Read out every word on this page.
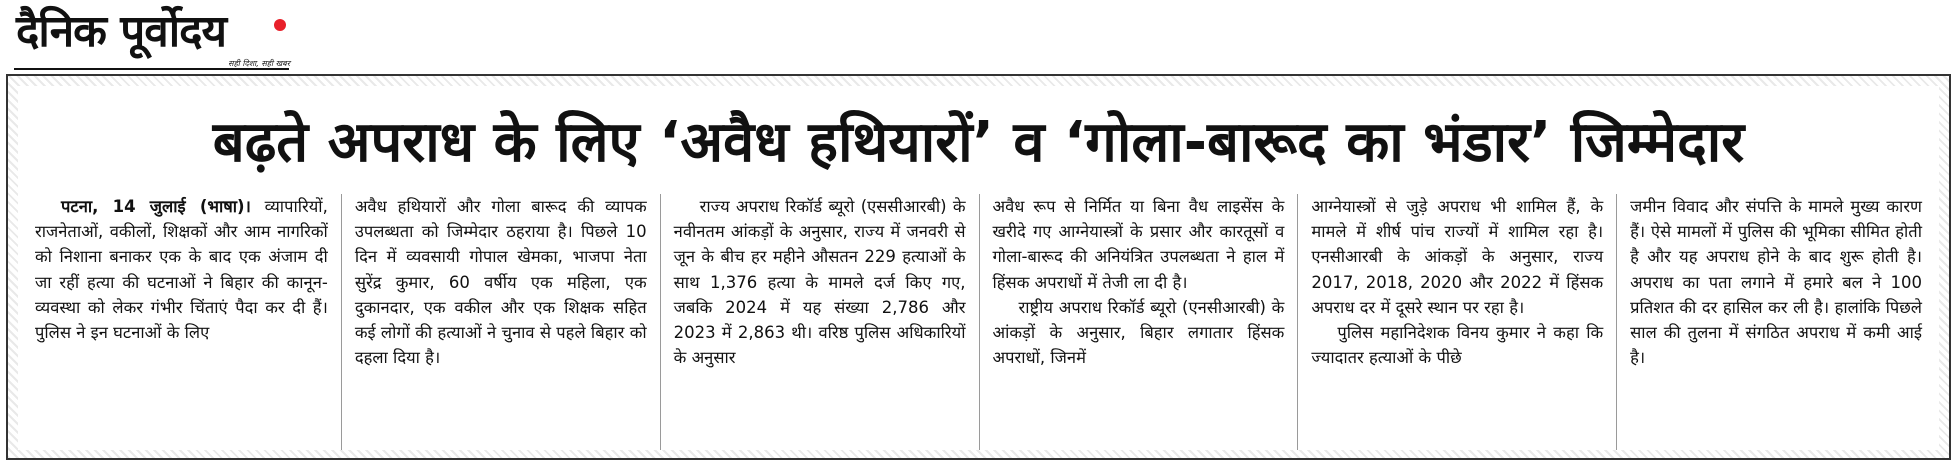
दैनिक पूर्वोदय
सही दिशा, सही खबर
बढ़ते अपराध के लिए ‘अवैध हथियारों’ व ‘गोला-बारूद का भंडार’ जिम्मेदार

पटना, 14 जुलाई (भाषा)। व्यापारियों, राजनेताओं, वकीलों, शिक्षकों और आम नागरिकों को निशाना बनाकर एक के बाद एक अंजाम दी जा रहीं हत्या की घटनाओं ने बिहार की कानून-व्यवस्था को लेकर गंभीर चिंताएं पैदा कर दी हैं। पुलिस ने इन घटनाओं के लिए

अवैध हथियारों और गोला बारूद की व्यापक उपलब्धता को जिम्मेदार ठहराया है। पिछले 10 दिन में व्यवसायी गोपाल खेमका, भाजपा नेता सुरेंद्र कुमार, 60 वर्षीय एक महिला, एक दुकानदार, एक वकील और एक शिक्षक सहित कई लोगों की हत्याओं ने चुनाव से पहले बिहार को दहला दिया है।

राज्य अपराध रिकॉर्ड ब्यूरो (एससीआरबी) के नवीनतम आंकड़ों के अनुसार, राज्य में जनवरी से जून के बीच हर महीने औसतन 229 हत्याओं के साथ 1,376 हत्या के मामले दर्ज किए गए, जबकि 2024 में यह संख्या 2,786 और 2023 में 2,863 थी। वरिष्ठ पुलिस अधिकारियों के अनुसार

अवैध रूप से निर्मित या बिना वैध लाइसेंस के खरीदे गए आग्नेयास्त्रों के प्रसार और कारतूसों व गोला-बारूद की अनियंत्रित उपलब्धता ने हाल में हिंसक अपराधों में तेजी ला दी है।

राष्ट्रीय अपराध रिकॉर्ड ब्यूरो (एनसीआरबी) के आंकड़ों के अनुसार, बिहार लगातार हिंसक अपराधों, जिनमें

आग्नेयास्त्रों से जुड़े अपराध भी शामिल हैं, के मामले में शीर्ष पांच राज्यों में शामिल रहा है। एनसीआरबी के आंकड़ों के अनुसार, राज्य 2017, 2018, 2020 और 2022 में हिंसक अपराध दर में दूसरे स्थान पर रहा है।

पुलिस महानिदेशक विनय कुमार ने कहा कि ज्यादातर हत्याओं के पीछे

जमीन विवाद और संपत्ति के मामले मुख्य कारण हैं। ऐसे मामलों में पुलिस की भूमिका सीमित होती है और यह अपराध होने के बाद शुरू होती है। अपराध का पता लगाने में हमारे बल ने 100 प्रतिशत की दर हासिल कर ली है। हालांकि पिछले साल की तुलना में संगठित अपराध में कमी आई है।
